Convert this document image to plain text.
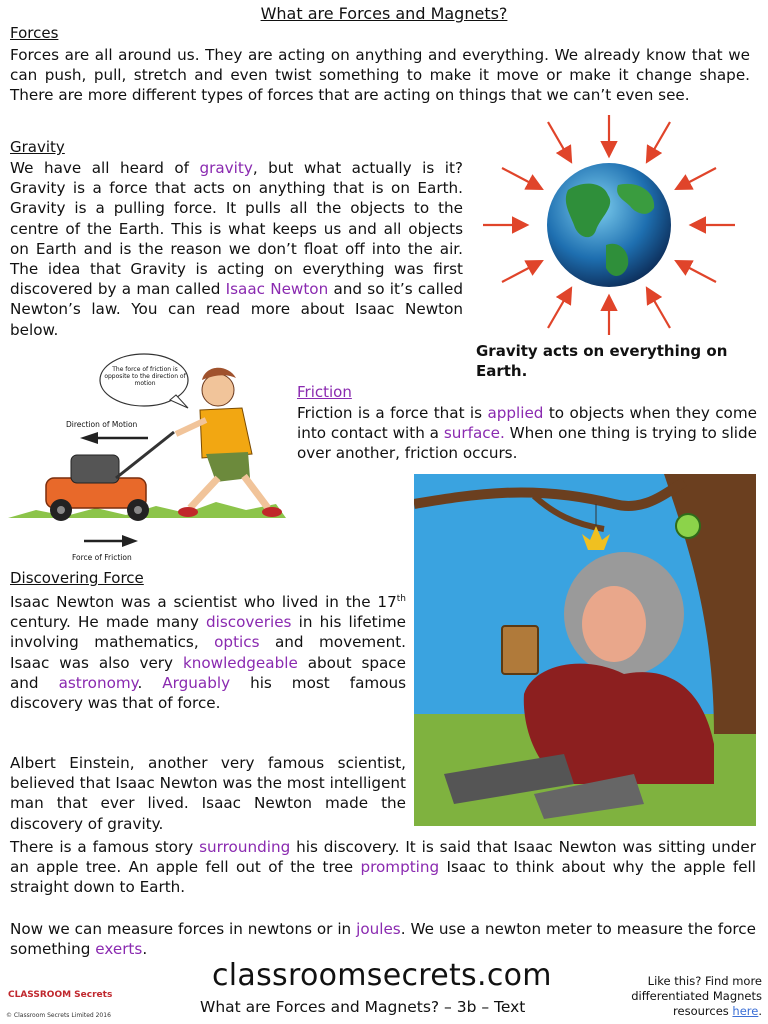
What are Forces and Magnets?
Forces
Forces are all around us. They are acting on anything and everything. We already know that we can push, pull, stretch and even twist something to make it move or make it change shape. There are more different types of forces that are acting on things that we can’t even see.
Gravity
We have all heard of gravity, but what actually is it? Gravity is a force that acts on anything that is on Earth. Gravity is a pulling force. It pulls all the objects to the centre of the Earth. This is what keeps us and all objects on Earth and is the reason we don’t float off into the air. The idea that Gravity is acting on everything was first discovered by a man called Isaac Newton and so it’s called Newton’s law. You can read more about Isaac Newton below.
Gravity acts on everything on Earth.
The force of friction is opposite to the direction of motion
Direction of Motion
Force of Friction
Friction
Friction is a force that is applied to objects when they come into contact with a surface. When one thing is trying to slide over another, friction occurs.
Discovering Force
Isaac Newton was a scientist who lived in the 17th century. He made many discoveries in his lifetime involving mathematics, optics and movement. Isaac was also very knowledgeable about space and astronomy. Arguably his most famous discovery was that of force.
Albert Einstein, another very famous scientist, believed that Isaac Newton was the most intelligent man that ever lived. Isaac Newton made the discovery of gravity.
There is a famous story surrounding his discovery. It is said that Isaac Newton was sitting under an apple tree. An apple fell out of the tree prompting Isaac to think about why the apple fell straight down to Earth.
Now we can measure forces in newtons or in joules. We use a newton meter to measure the force something exerts.
classroomsecrets.com
What are Forces and Magnets? – 3b – Text
Like this? Find more differentiated Magnets resources here.
CLASSROOM Secrets
© Classroom Secrets Limited 2016
